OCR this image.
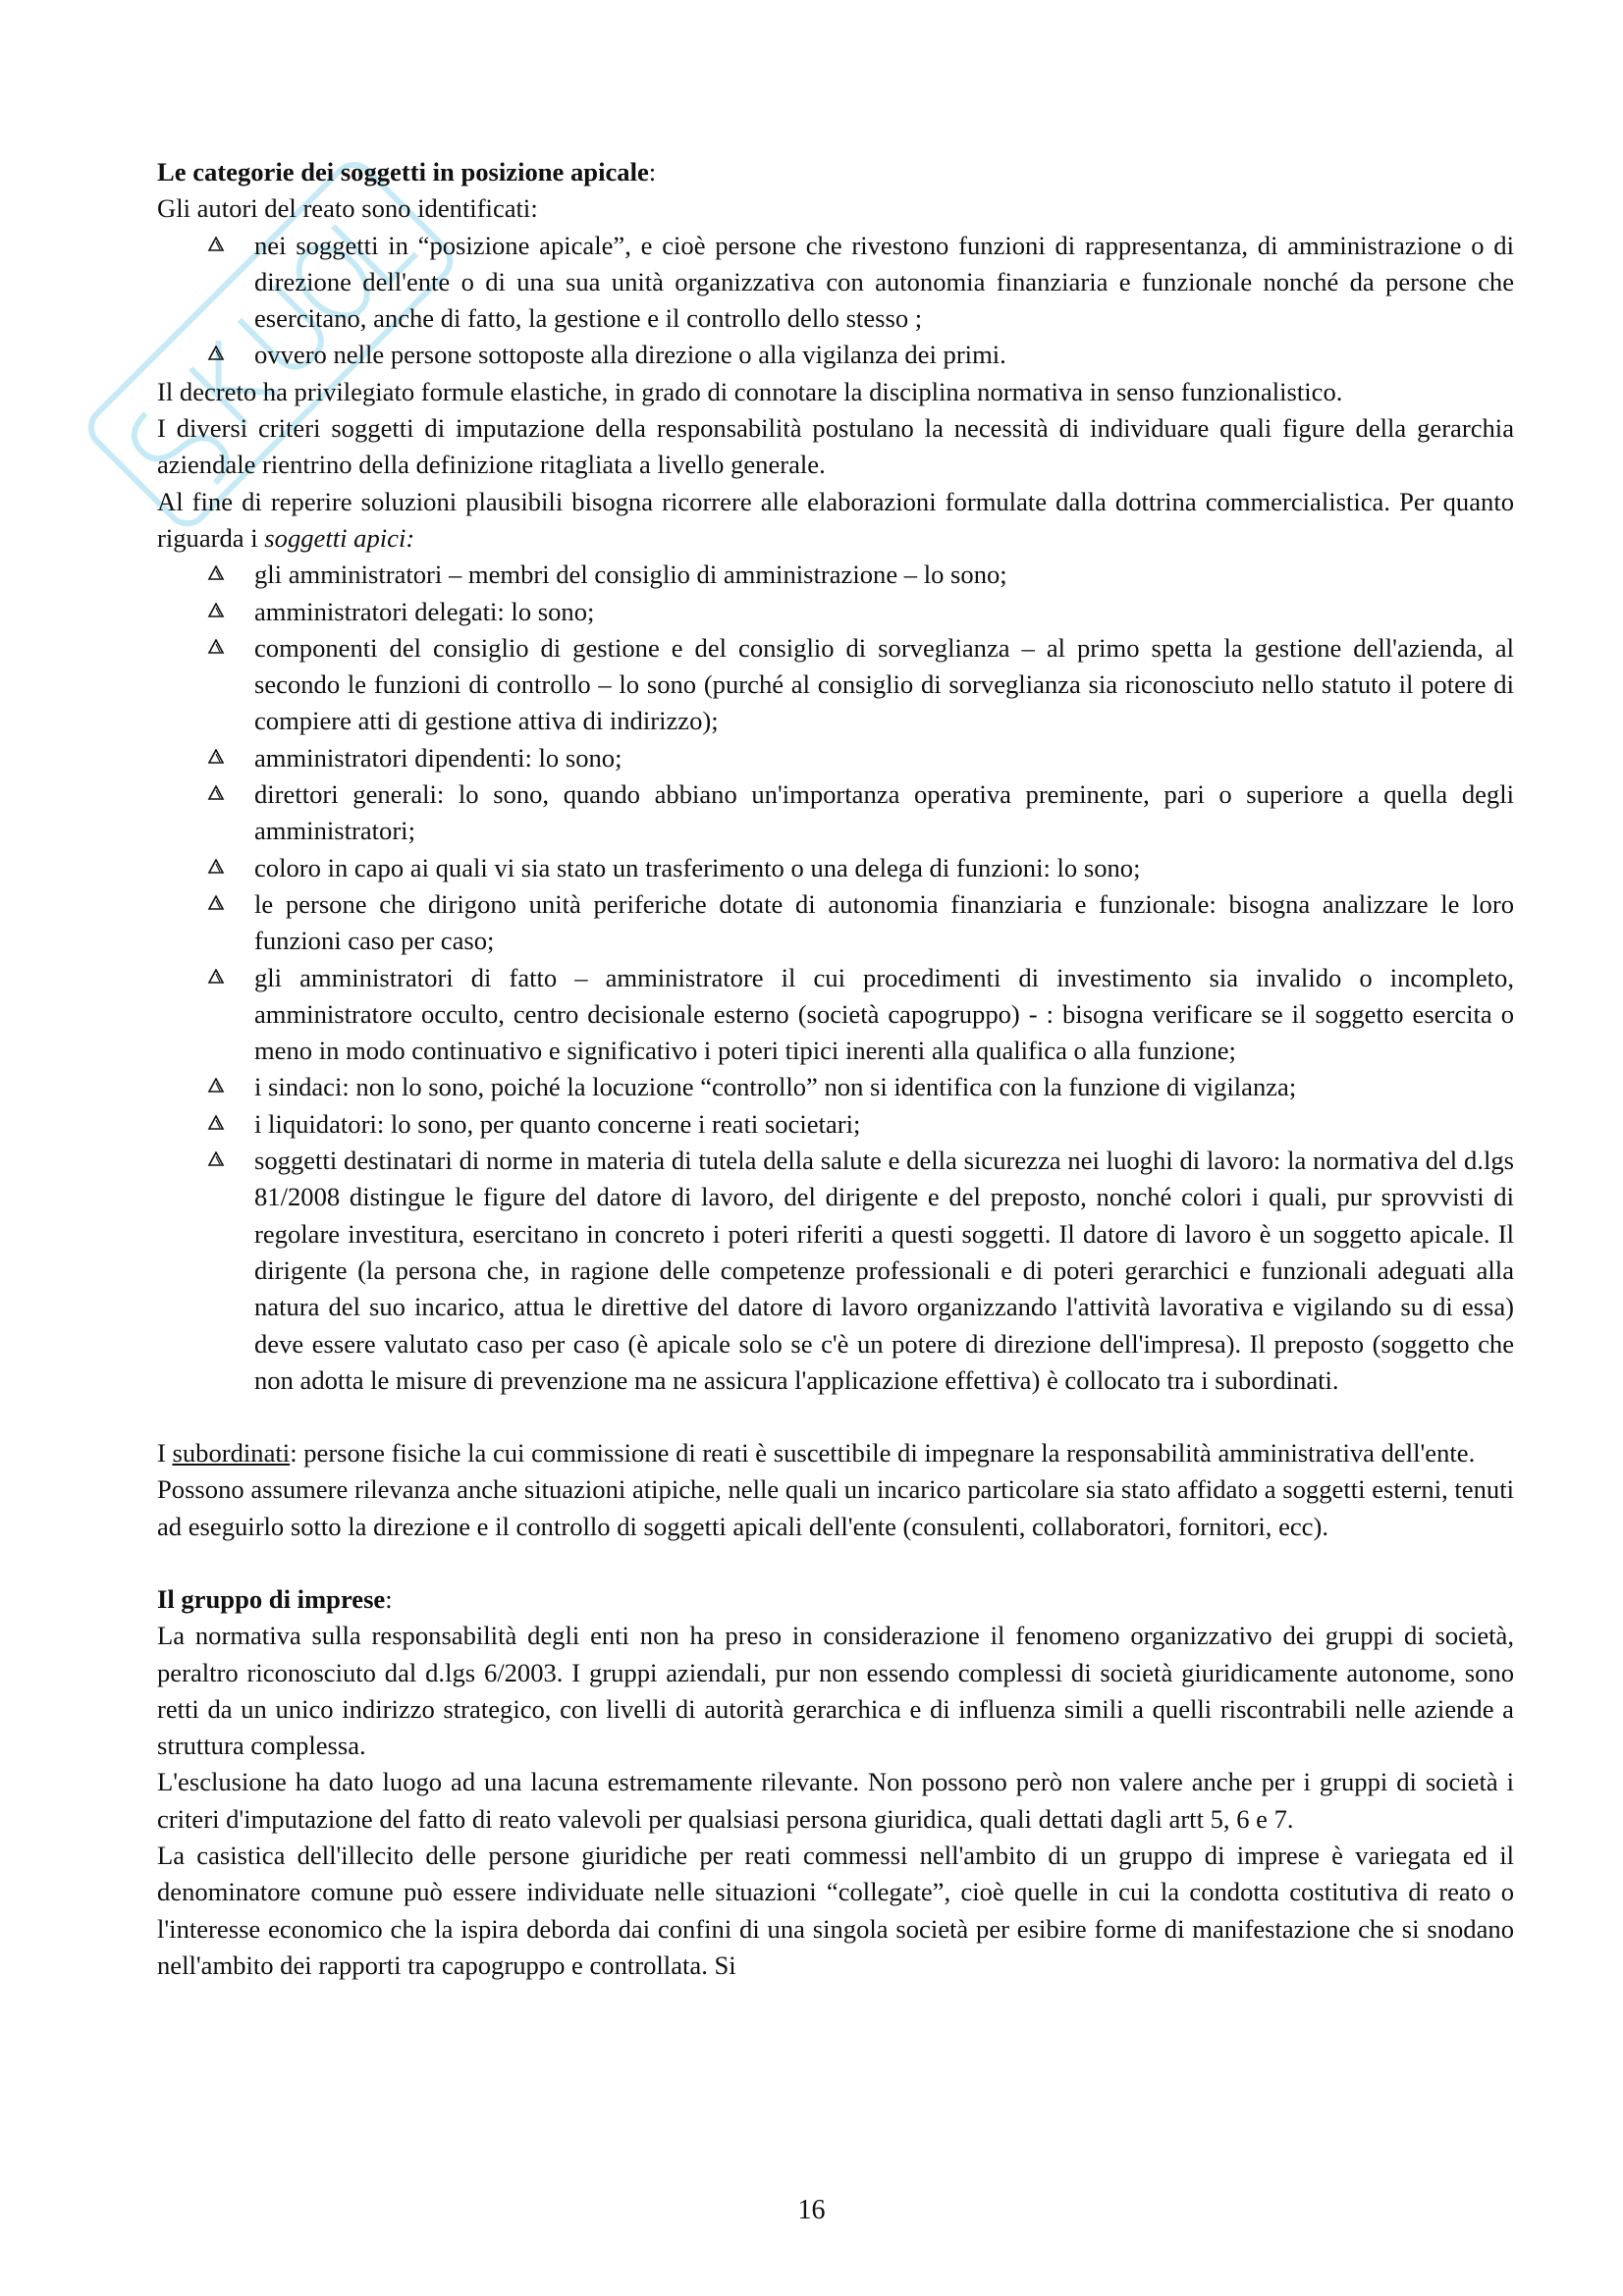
Le categorie dei soggetti in posizione apicale:

Gli autori del reato sono identificati:

nei soggetti in “posizione apicale”, e cioè persone che rivestono funzioni di rappresentanza, di amministrazione o di direzione dell'ente o di una sua unità organizzativa con autonomia finanziaria e funzionale nonché da persone che esercitano, anche di fatto, la gestione e il controllo dello stesso ;
ovvero nelle persone sottoposte alla direzione o alla vigilanza dei primi.

Il decreto ha privilegiato formule elastiche, in grado di connotare la disciplina normativa in senso funzionalistico.

I diversi criteri soggetti di imputazione della responsabilità postulano la necessità di individuare quali figure della gerarchia aziendale rientrino della definizione ritagliata a livello generale.

Al fine di reperire soluzioni plausibili bisogna ricorrere alle elaborazioni formulate dalla dottrina commercialistica. Per quanto riguarda i soggetti apici:

gli amministratori – membri del consiglio di amministrazione – lo sono;
amministratori delegati: lo sono;
componenti del consiglio di gestione e del consiglio di sorveglianza – al primo spetta la gestione dell'azienda, al secondo le funzioni di controllo – lo sono (purché al consiglio di sorveglianza sia riconosciuto nello statuto il potere di compiere atti di gestione attiva di indirizzo);
amministratori dipendenti: lo sono;
direttori generali: lo sono, quando abbiano un'importanza operativa preminente, pari o superiore a quella degli amministratori;
coloro in capo ai quali vi sia stato un trasferimento o una delega di funzioni: lo sono;
le persone che dirigono unità periferiche dotate di autonomia finanziaria e funzionale: bisogna analizzare le loro funzioni caso per caso;
gli amministratori di fatto – amministratore il cui procedimenti di investimento sia invalido o incompleto, amministratore occulto, centro decisionale esterno (società capogruppo) - : bisogna verificare se il soggetto esercita o meno in modo continuativo e significativo i poteri tipici inerenti alla qualifica o alla funzione;
i sindaci: non lo sono, poiché la locuzione “controllo” non si identifica con la funzione di vigilanza;
i liquidatori: lo sono, per quanto concerne i reati societari;
soggetti destinatari di norme in materia di tutela della salute e della sicurezza nei luoghi di lavoro: la normativa del d.lgs 81/2008 distingue le figure del datore di lavoro, del dirigente e del preposto, nonché colori i quali, pur sprovvisti di regolare investitura, esercitano in concreto i poteri riferiti a questi soggetti. Il datore di lavoro è un soggetto apicale. Il dirigente (la persona che, in ragione delle competenze professionali e di poteri gerarchici e funzionali adeguati alla natura del suo incarico, attua le direttive del datore di lavoro organizzando l'attività lavorativa e vigilando su di essa) deve essere valutato caso per caso (è apicale solo se c'è un potere di direzione dell'impresa). Il preposto (soggetto che non adotta le misure di prevenzione ma ne assicura l'applicazione effettiva) è collocato tra i subordinati.

I subordinati: persone fisiche la cui commissione di reati è suscettibile di impegnare la responsabilità amministrativa dell'ente.

Possono assumere rilevanza anche situazioni atipiche, nelle quali un incarico particolare sia stato affidato a soggetti esterni, tenuti ad eseguirlo sotto la direzione e il controllo di soggetti apicali dell'ente (consulenti, collaboratori, fornitori, ecc).

Il gruppo di imprese:

La normativa sulla responsabilità degli enti non ha preso in considerazione il fenomeno organizzativo dei gruppi di società, peraltro riconosciuto dal d.lgs 6/2003. I gruppi aziendali, pur non essendo complessi di società giuridicamente autonome, sono retti da un unico indirizzo strategico, con livelli di autorità gerarchica e di influenza simili a quelli riscontrabili nelle aziende a struttura complessa.

L'esclusione ha dato luogo ad una lacuna estremamente rilevante. Non possono però non valere anche per i gruppi di società i criteri d'imputazione del fatto di reato valevoli per qualsiasi persona giuridica, quali dettati dagli artt 5, 6 e 7.

La casistica dell'illecito delle persone giuridiche per reati commessi nell'ambito di un gruppo di imprese è variegata ed il denominatore comune può essere individuate nelle situazioni “collegate”, cioè quelle in cui la condotta costitutiva di reato o l'interesse economico che la ispira deborda dai confini di una singola società per esibire forme di manifestazione che si snodano nell'ambito dei rapporti tra capogruppo e controllata. Si

16
